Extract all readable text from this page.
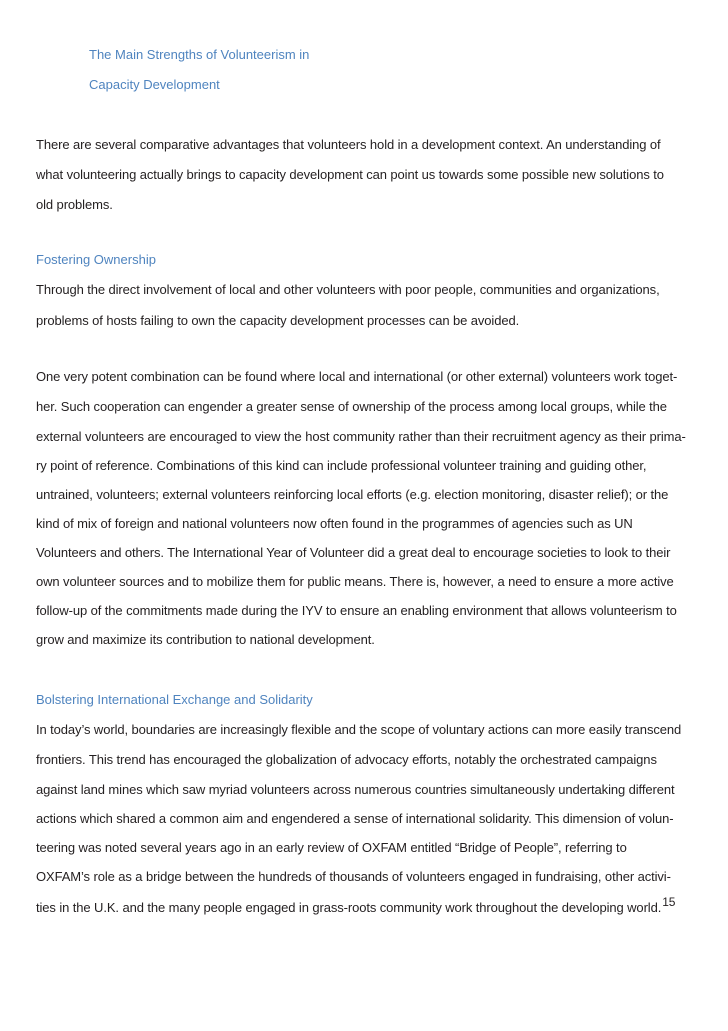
The Main Strengths of Volunteerism in
Capacity Development
There are several comparative advantages that volunteers hold in a development context. An understanding of
what volunteering actually brings to capacity development can point us towards some possible new solutions to
old problems.
Fostering Ownership
Through the direct involvement of local and other volunteers with poor people, communities and organizations,
problems of hosts failing to own the capacity development processes can be avoided.
One very potent combination can be found where local and international (or other external) volunteers work toget-
her. Such cooperation can engender a greater sense of ownership of the process among local groups, while the
external volunteers are encouraged to view the host community rather than their recruitment agency as their prima-
ry point of reference. Combinations of this kind can include professional volunteer training and guiding other,
untrained, volunteers; external volunteers reinforcing local efforts (e.g. election monitoring, disaster relief); or the
kind of mix of foreign and national volunteers now often found in the programmes of agencies such as UN
Volunteers and others. The International Year of Volunteer did a great deal to encourage societies to look to their
own volunteer sources and to mobilize them for public means. There is, however, a need to ensure a more active
follow-up of the commitments made during the IYV to ensure an enabling environment that allows volunteerism to
grow and maximize its contribution to national development.
Bolstering International Exchange and Solidarity
In today’s world, boundaries are increasingly flexible and the scope of voluntary actions can more easily transcend
frontiers. This trend has encouraged the globalization of advocacy efforts, notably the orchestrated campaigns
against land mines which saw myriad volunteers across numerous countries simultaneously undertaking different
actions which shared a common aim and engendered a sense of international solidarity. This dimension of volun-
teering was noted several years ago in an early review of OXFAM entitled “Bridge of People”, referring to
OXFAM’s role as a bridge between the hundreds of thousands of volunteers engaged in fundraising, other activi-
ties in the U.K. and the many people engaged in grass-roots community work throughout the developing world.15
